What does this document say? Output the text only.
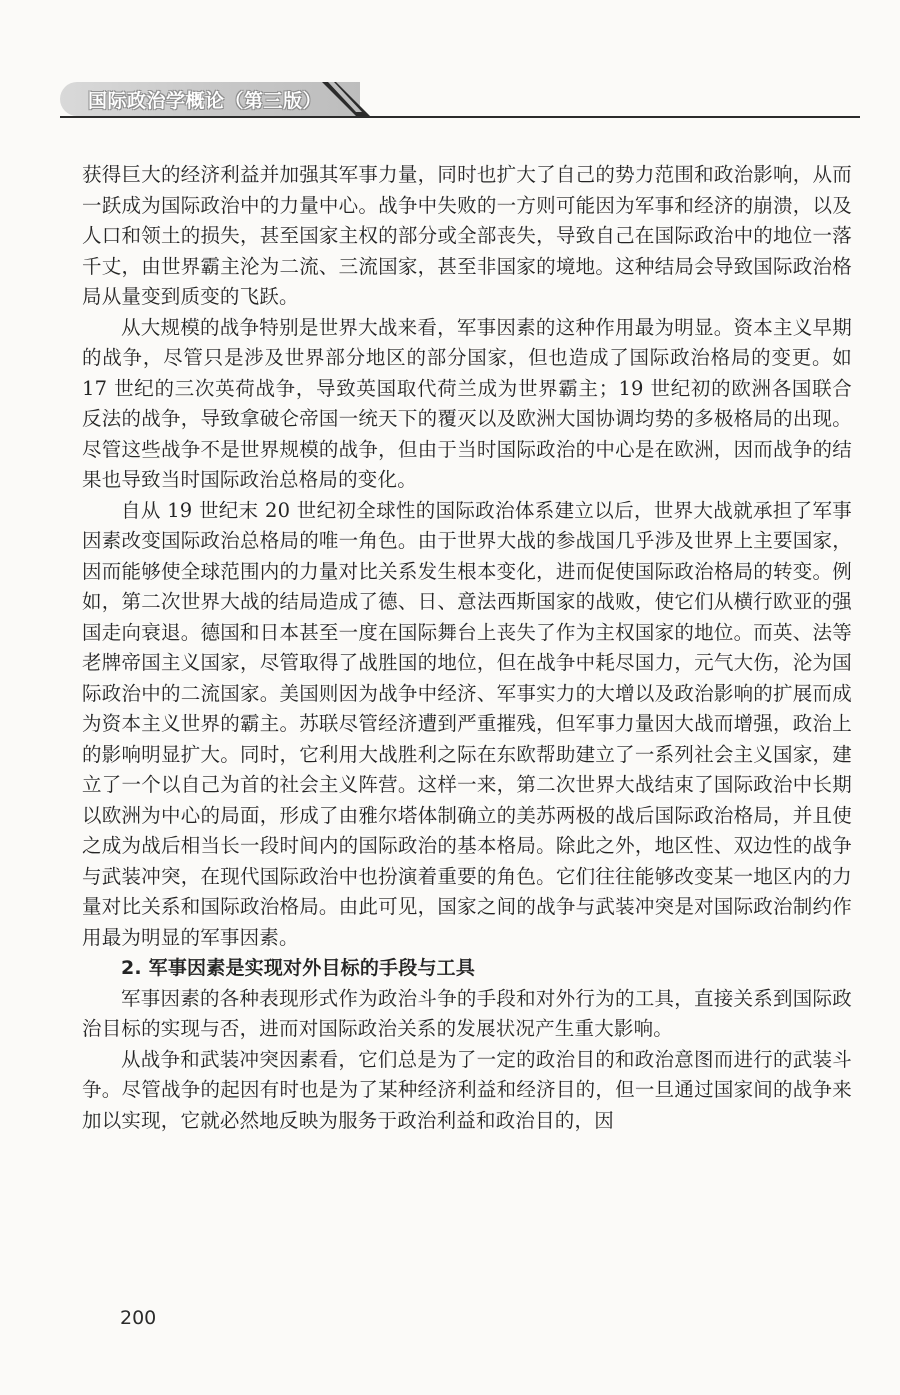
国际政治学概论（第三版）

获得巨大的经济利益并加强其军事力量，同时也扩大了自己的势力范围和政治影响，从而一跃成为国际政治中的力量中心。战争中失败的一方则可能因为军事和经济的崩溃，以及人口和领土的损失，甚至国家主权的部分或全部丧失，导致自己在国际政治中的地位一落千丈，由世界霸主沦为二流、三流国家，甚至非国家的境地。这种结局会导致国际政治格局从量变到质变的飞跃。

从大规模的战争特别是世界大战来看，军事因素的这种作用最为明显。资本主义早期的战争，尽管只是涉及世界部分地区的部分国家，但也造成了国际政治格局的变更。如 17 世纪的三次英荷战争，导致英国取代荷兰成为世界霸主；19 世纪初的欧洲各国联合反法的战争，导致拿破仑帝国一统天下的覆灭以及欧洲大国协调均势的多极格局的出现。尽管这些战争不是世界规模的战争，但由于当时国际政治的中心是在欧洲，因而战争的结果也导致当时国际政治总格局的变化。

自从 19 世纪末 20 世纪初全球性的国际政治体系建立以后，世界大战就承担了军事因素改变国际政治总格局的唯一角色。由于世界大战的参战国几乎涉及世界上主要国家，因而能够使全球范围内的力量对比关系发生根本变化，进而促使国际政治格局的转变。例如，第二次世界大战的结局造成了德、日、意法西斯国家的战败，使它们从横行欧亚的强国走向衰退。德国和日本甚至一度在国际舞台上丧失了作为主权国家的地位。而英、法等老牌帝国主义国家，尽管取得了战胜国的地位，但在战争中耗尽国力，元气大伤，沦为国际政治中的二流国家。美国则因为战争中经济、军事实力的大增以及政治影响的扩展而成为资本主义世界的霸主。苏联尽管经济遭到严重摧残，但军事力量因大战而增强，政治上的影响明显扩大。同时，它利用大战胜利之际在东欧帮助建立了一系列社会主义国家，建立了一个以自己为首的社会主义阵营。这样一来，第二次世界大战结束了国际政治中长期以欧洲为中心的局面，形成了由雅尔塔体制确立的美苏两极的战后国际政治格局，并且使之成为战后相当长一段时间内的国际政治的基本格局。除此之外，地区性、双边性的战争与武装冲突，在现代国际政治中也扮演着重要的角色。它们往往能够改变某一地区内的力量对比关系和国际政治格局。由此可见，国家之间的战争与武装冲突是对国际政治制约作用最为明显的军事因素。

2. 军事因素是实现对外目标的手段与工具

军事因素的各种表现形式作为政治斗争的手段和对外行为的工具，直接关系到国际政治目标的实现与否，进而对国际政治关系的发展状况产生重大影响。

从战争和武装冲突因素看，它们总是为了一定的政治目的和政治意图而进行的武装斗争。尽管战争的起因有时也是为了某种经济利益和经济目的，但一旦通过国家间的战争来加以实现，它就必然地反映为服务于政治利益和政治目的，因

200
